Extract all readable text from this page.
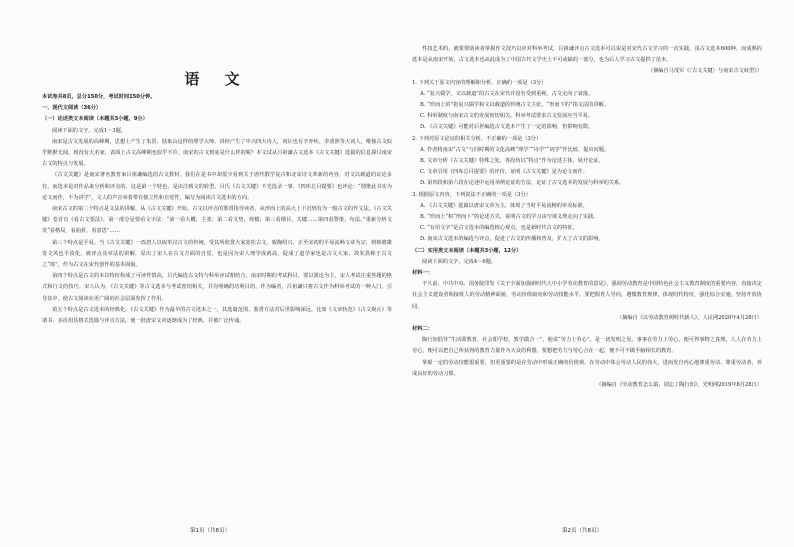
语 文

本试卷共8页，总分150分，考试时间150分钟。

一、现代文阅读（36分）

（一）论述类文本阅读（本题共3小题，9分）

阅读下面的文字，完成1～3题。

南宋是古文发展的高峰期，思想上产生了朱熹、陆象山这样的理学大师，讲经产生了中兴四大诗人，词坛也有辛弃疾、李清照等大词人，唯独古文似乎默默无闻，现况有大名家，表面上古文高峰期也似乎不许。南宋的古文到底是什么样的呢？本文试从吕祖谦古文选本《古文关键》选篇的信息探讨南宋古文的特点与发展。

《古文关键》是南宋著名教育家吕祖谦编选的古文教材。我们在是书中却很少看到关于唐代散学复古和北宋诗文革新的内容，对文以载道的议论多有，而选本是对作品来分析和评点的，这是第一个特色，是由注到文的转型。吕氏《古文关键》不光选录一事，《四库总目提要》也评论：“谓推此书实为论文而作，不为讲学”，文人的声音举着带有独立性和自觉性，编写为阅读古文选本的方向。

南宋古文的第二个特点是文法的讲解。从《古文关键》开始，古文以评点的鉴赏指导读者，从形而上的高大上下沉到有为一般古文的作文法。《古文关键》卷首有《看古文要法》，第一部分是要看文字法：“第一看大概，主张；第二看文势，规模；第三看纲目，关键……第四看警策，句法。”重新分析文发“看格局，看曲折，看意思”……

第三个特点是平易。当《古文关键》一改唐人以取奉汉古文的传统，受其所欣赏大家宽松古文，致陶绍兴，正至宋初的平易流畅文章为宗，将韩愈雄奇文风也平淡化，被评点及章法的讲解，显出了宋人在古文方面的自觉，也是因为宋人理学成就高，促成了道学家也是古文大家，故朱熹称于古文之“体”，作为古文在宋代创作的基本面貌。

第四个特点是古文的本具特征构成了可读性情高，吕氏编选古文特与科举应试相结合，南宋时期的考试科目，要以策论为主，宋人考试注重答题的格式和行文的技巧。宋人认为，《古文关键》等古文选本与考试密切相关，并有明确的功利目的。作为编者，吕祖谦只将古文作为科举考试的一种入门，引导其中，使古文阅读在更广阔的社会层面发挥了作用。

第五个特点是古文选本的经典化。《古文关键》作为最早的古文选本之一，其选篇范围、鉴赏方法对后世影响深远。比如《文章轨范》《古文观止》等诸书，多沿用其格式选篇与评点方法，使一批唐宋文章逐渐成为了经典，并被广泛传诵。

性技艺术约，就要帮助读者掌握作文技巧以应对科举考试，吕祖谦评点古文选本可以说是对宋代古文学习的一次实践。虽古文选本600种，而成熟的选本是从南宋开始，古文选本也从此成为了中国古代文学史上不可或缺的一部分，也为后人学习古文提供了范本。

（摘编自马茂军《〈古文关键〉与南宋古文转型》）

1. 下列关于原文内容的理解和分析，正确的一项是（3分）

A. “复兴儒学，文以载道”的古文在宋代并没有受到重视，古文走向了衰落。

B. “形而上的”指复兴儒学和文以载道的传统古文主张，“形而下的”指文法的讲解。

C. 科举制度与南宋古文的发展密切相关，科举考试要求古文发展应当平易。

D. 《古文关键》可能对后世编选古文选本产生了一定的影响，但影响有限。

2. 下列对原文论证的相关分析，不正确的一项是（3分）

A. 作者将南宋“古文”与同时期的文化高峰“理学”“诗学”“词学”作比较，提出问题。

B. 文章分析《古文关键》特殊之处，各段均以“特点”作为论述主体，展开论证。

C. 文章引用《四库总目提要》的评价，证明《古文关键》是为论文而作。

D. 第四段和第六段在论述中运用举例论证的方法，论证了古文选本的发展与科举的关系。

3. 根据原文内容，下列说法不正确的一项是（3分）

A. 《古文关键》选篇以唐宋文章为主，体现了当时平易流畅的审美标准。

B. “形而上”和“形而下”的论述方式，说明古文的学习由空谈义理走向了实践。

C. “有用文字”是古文选本的编选核心观点，也是新时代古文的特征。

D. 南宋古文选本的编选与评点，促进了古文的传播和普及，扩大了古文的影响。

（二）实用类文本阅读（本题共3小题，12分）

阅读下面的文字，完成4～6题。

材料一：

不久前，中共中央、国务院印发《关于全面加强新时代大中小学劳动教育的意见》，强调劳动教育是中国特色社会主义教育制度的重要内容，直接决定社会主义建设者和接班人的劳动精神面貌、劳动价值取向和劳动技能水平。要把握育人导向，遵循教育规律，体现时代特征，强化综合实施，坚持开放协同。

（摘编自《以劳动教育树时代新人》，人民网2020年4月28日）

材料二：

陶行知倡导“生活即教育，社会即学校，教学做合一”，他说“劳力上劳心”，是一切发明之母。事事在劳力上劳心，便可得事物之真理。人人在劳力上劳心，便可以把自己所获得的教育力量作为大众的利器。要想把劳力与劳心合在一起，便不可不做手脑相长的教育。

掌握一定的劳动技能很重要，但更重要的是在劳动中形成正确的价值观，在劳动中体会劳动人民的伟大，进而发自内心地尊重劳动、尊重劳动者，养成良好的劳动习惯。

（摘编自《劳动教育怎么搞，别忘了陶行知》，光明网2019年8月28日）

第1页（共8页）	第2页（共8页）
